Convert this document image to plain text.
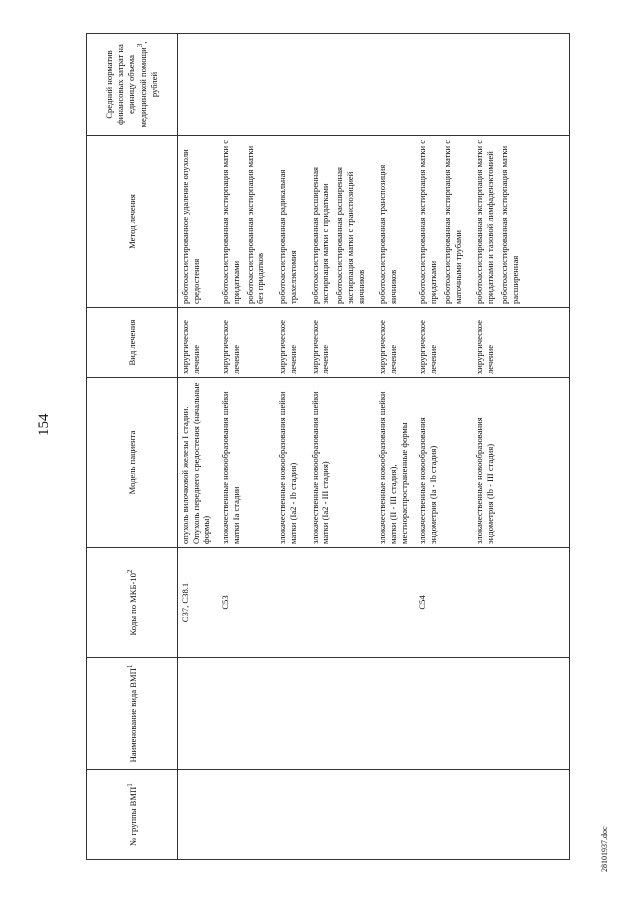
154
28101937.doc
№ группы ВМП$^1$	Наименование вида ВМП$^1$	Коды по МКБ-$10^2$	Модель пациента	Вид лечения	Метод лечения	Средний норматив финансовых затрат на единицу объема медицинской помощи$^3$, рублей
		C37, C38.1	опухоль вилочковой железы I стадии. Опухоль переднего средостения (начальные формы)	хирургическое лечение	роботоассистированное удаление опухоли средостения	

		C53	злокачественные новообразования шейки матки Ia стадии	хирургическое лечение	роботоассистированная экстирпация матки с придатками роботоассистированная экстирпация матки без придатков	

			злокачественные новообразования шейки матки (Ia2 - Ib стадия)	хирургическое лечение	роботоассистированная радикальная трахелэктомия	

			злокачественные новообразования шейки матки (Ia2 - III стадия)	хирургическое лечение	роботоассистированная расширенная экстирпация матки с придатками роботоассистированная расширенная экстирпация матки с транспозицией яичников	

			злокачественные новообразования шейки матки (II - III стадия), местнораспространенные формы	хирургическое лечение	роботоассистированная транспозиция яичников	

		C54	злокачественные новообразования эндометрия (Ia - Ib стадия)	хирургическое лечение	роботоассистированная экстирпация матки с придатками роботоассистированная экстирпация матки с маточными трубами	

			злокачественные новообразования эндометрия (Ib - III стадия)	хирургическое лечение	роботоассистированная экстирпация матки с придатками и тазовой лимфаденэктомией роботоассистированная экстирпация матки расширенная	
